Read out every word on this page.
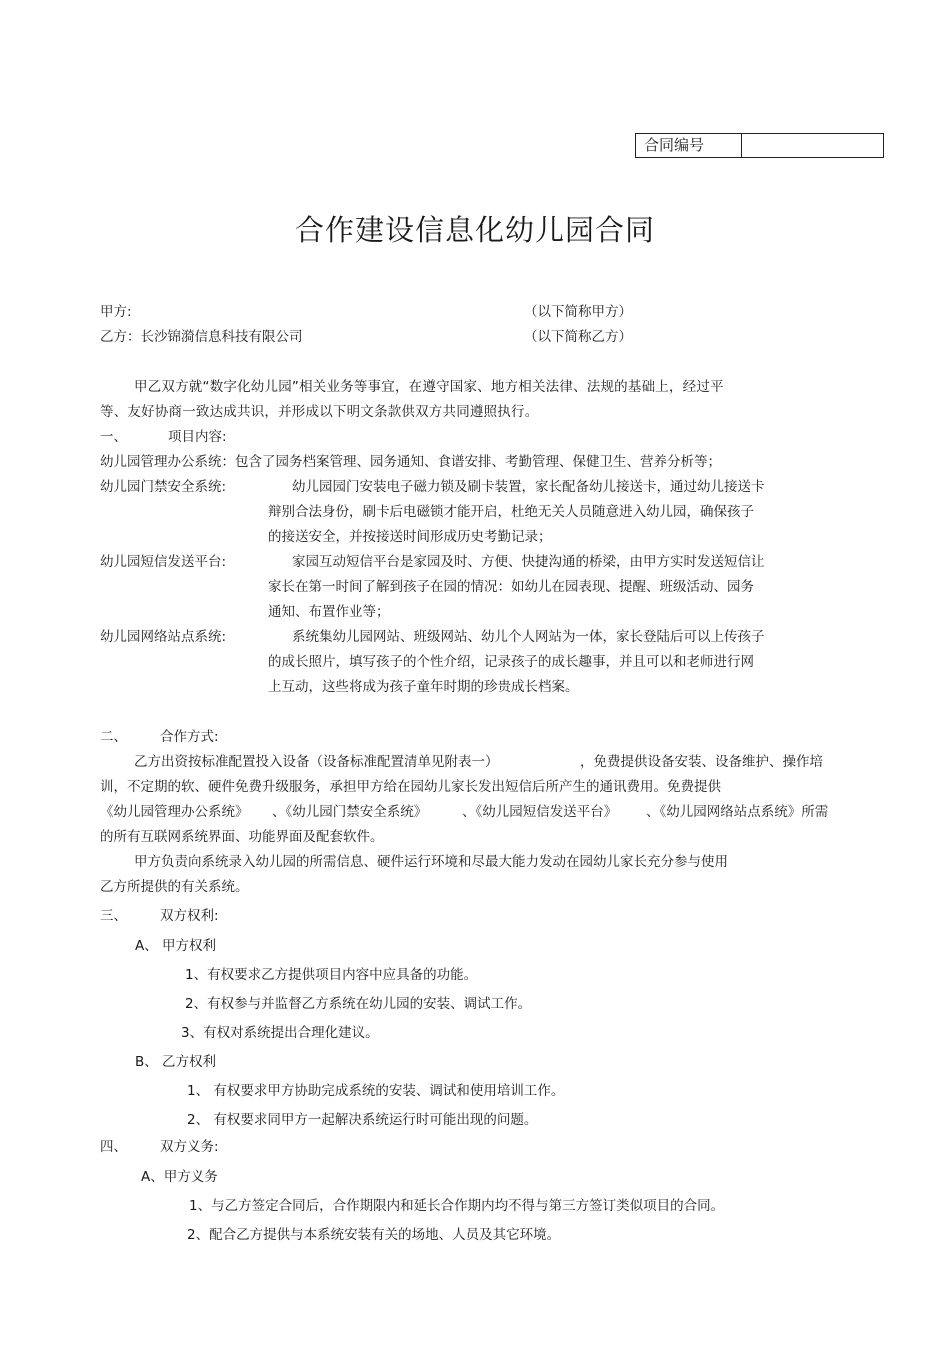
合同编号
合作建设信息化幼儿园合同
甲方:	（以下简称甲方）
乙方：长沙锦漪信息科技有限公司	（以下简称乙方）
甲乙双方就“数字化幼儿园”相关业务等事宜，在遵守国家、地方相关法律、法规的基础上，经过平
等、友好协商一致达成共识，并形成以下明文条款供双方共同遵照执行。
一、	项目内容:
幼儿园管理办公系统：包含了园务档案管理、园务通知、食谱安排、考勤管理、保健卫生、营养分析等；
幼儿园门禁安全系统:	幼儿园园门安装电子磁力锁及刷卡装置，家长配备幼儿接送卡，通过幼儿接送卡
辩别合法身份，刷卡后电磁锁才能开启，杜绝无关人员随意进入幼儿园，确保孩子
的接送安全，并按接送时间形成历史考勤记录；
幼儿园短信发送平台:	家园互动短信平台是家园及时、方便、快捷沟通的桥梁，由甲方实时发送短信让
家长在第一时间了解到孩子在园的情况：如幼儿在园表现、提醒、班级活动、园务
通知、布置作业等；
幼儿园网络站点系统:	系统集幼儿园网站、班级网站、幼儿个人网站为一体，家长登陆后可以上传孩子
的成长照片，填写孩子的个性介绍，记录孩子的成长趣事，并且可以和老师进行网
上互动，这些将成为孩子童年时期的珍贵成长档案。
二、 合作方式:
乙方出资按标准配置投入设备（设备标准配置清单见附表一）	，免费提供设备安装、设备维护、操作培
训，不定期的软、硬件免费升级服务，承担甲方给在园幼儿家长发出短信后所产生的通讯费用。免费提供
《幼儿园管理办公系统》 、《幼儿园门禁安全系统》	、《幼儿园短信发送平台》 、《幼儿园网络站点系统》所需
的所有互联网系统界面、功能界面及配套软件。
甲方负责向系统录入幼儿园的所需信息、硬件运行环境和尽最大能力发动在园幼儿家长充分参与使用
乙方所提供的有关系统。
三、 双方权利:
A、 甲方权利
1、有权要求乙方提供项目内容中应具备的功能。
2、有权参与并监督乙方系统在幼儿园的安装、调试工作。
3、有权对系统提出合理化建议。
B、 乙方权利
1、 有权要求甲方协助完成系统的安装、调试和使用培训工作。
2、 有权要求同甲方一起解决系统运行时可能出现的问题。
四、 双方义务:
A、甲方义务
1、与乙方签定合同后，合作期限内和延长合作期内均不得与第三方签订类似项目的合同。
2、配合乙方提供与本系统安装有关的场地、人员及其它环境。
